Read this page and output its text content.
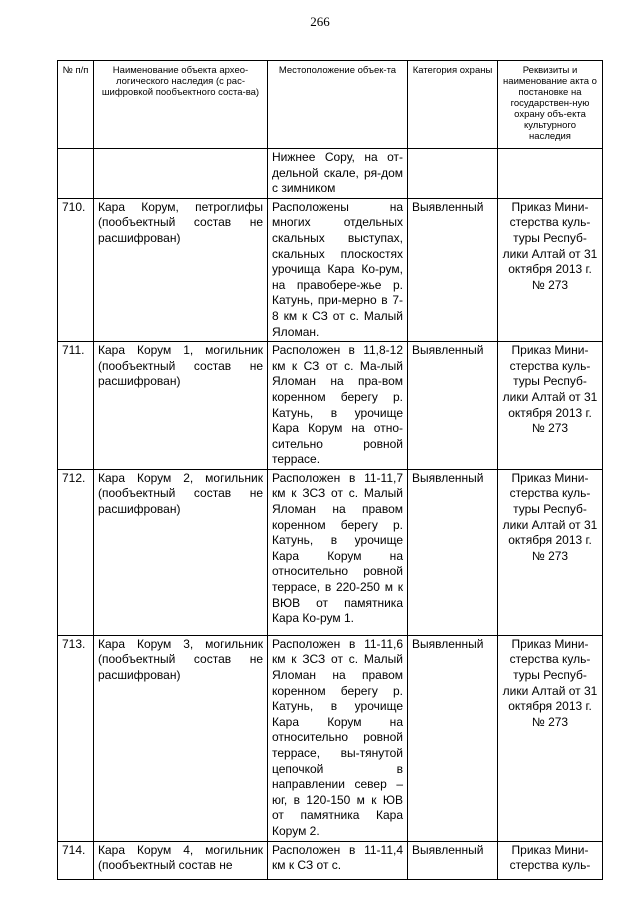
266
№ п/п	Наименование объекта архео-логического наследия (с рас-шифровкой пообъектного соста-ва)	Местоположение объек-та	Категория охраны	Реквизиты и наименование акта о постановке на государствен-ную охрану объ-екта культурного наследия
		Нижнее Сору, на от-дельной скале, ря-дом с зимником		
710.	Кара Корум, петроглифы (пообъектный состав не расшифрован)	Расположены на многих отдельных скальных выступах, скальных плоскостях урочища Кара Ко-рум, на правобере-жье р. Катунь, при-мерно в 7-8 км к СЗ от с. Малый Яломан.	Выявленный	Приказ Мини-стерства куль-туры Респуб-лики Алтай от 31 октября 2013 г. № 273
711.	Кара Корум 1, могильник (пообъектный состав не расшифрован)	Расположен в 11,8-12 км к СЗ от с. Ма-лый Яломан на пра-вом коренном берегу р. Катунь, в урочище Кара Корум на отно-сительно ровной террасе.	Выявленный	Приказ Мини-стерства куль-туры Респуб-лики Алтай от 31 октября 2013 г. № 273
712.	Кара Корум 2, могильник (пообъектный состав не расшифрован)	Расположен в 11-11,7 км к ЗСЗ от с. Малый Яломан на правом коренном берегу р. Катунь, в урочище Кара Корум на относительно ровной террасе, в 220-250 м к ВЮВ от памятника Кара Ко-рум 1.	Выявленный	Приказ Мини-стерства куль-туры Респуб-лики Алтай от 31 октября 2013 г. № 273
713.	Кара Корум 3, могильник (пообъектный состав не расшифрован)	Расположен в 11-11,6 км к ЗСЗ от с. Малый Яломан на правом коренном берегу р. Катунь, в урочище Кара Корум на относительно ровной террасе, вы-тянутой цепочкой в направлении север – юг, в 120-150 м к ЮВ от памятника Кара Корум 2.	Выявленный	Приказ Мини-стерства куль-туры Респуб-лики Алтай от 31 октября 2013 г. № 273
714.	Кара Корум 4, могильник (пообъектный состав не	Расположен в 11-11,4 км к СЗ от с.	Выявленный	Приказ Мини-стерства куль-
